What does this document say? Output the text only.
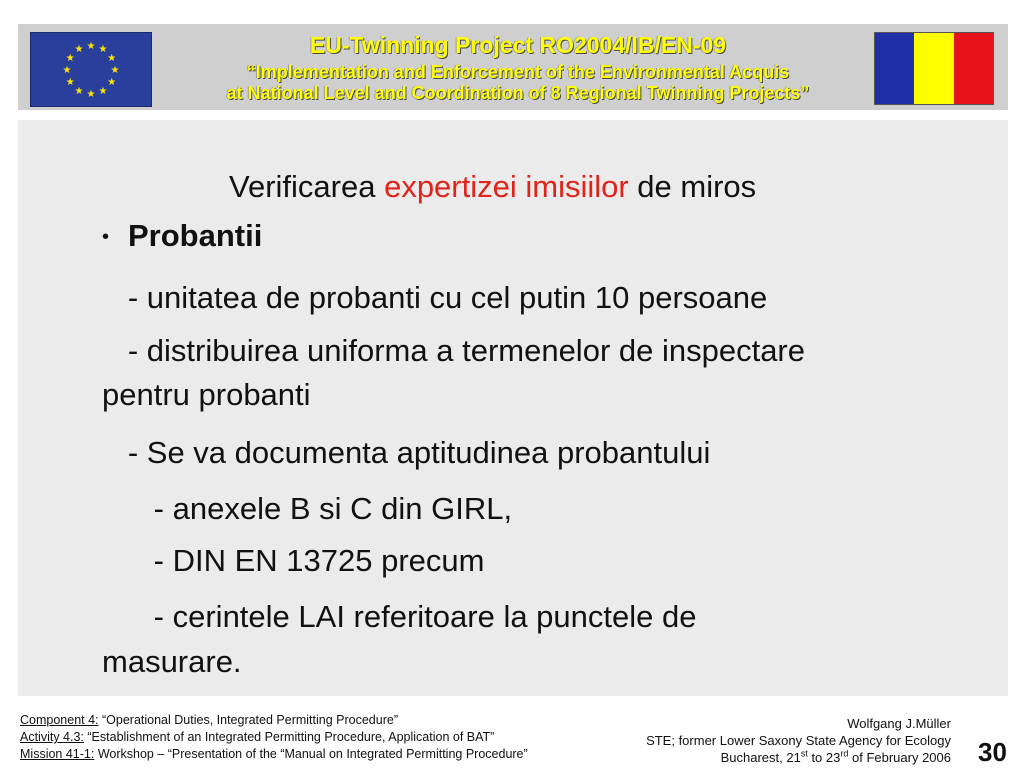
★ ★
★
★
★
★
★
★
★
★
★
★	EU-Twinning Project RO2004/IB/EN-09
“Implementation and Enforcement of the Environmental Acquis
at National Level and Coordination of 8 Regional Twinning Projects”
Verificarea expertizei imisiilor de miros
• Probantii
- unitatea de probanti cu cel putin 10 persoane
- distribuirea uniforma a termenelor de inspectare
pentru probanti
- Se va documenta aptitudinea probantului
- anexele B si C din GIRL,
- DIN EN 13725 precum
- cerintele LAI referitoare la punctele de
masurare.
Component 4: “Operational Duties, Integrated Permitting Procedure”
Activity 4.3: “Establishment of an Integrated Permitting Procedure, Application of BAT”
Mission 41-1: Workshop – “Presentation of the “Manual on Integrated Permitting Procedure”
Wolfgang J.Müller
STE; former Lower Saxony State Agency for Ecology
Bucharest, 21st to 23rd of February 2006 30
